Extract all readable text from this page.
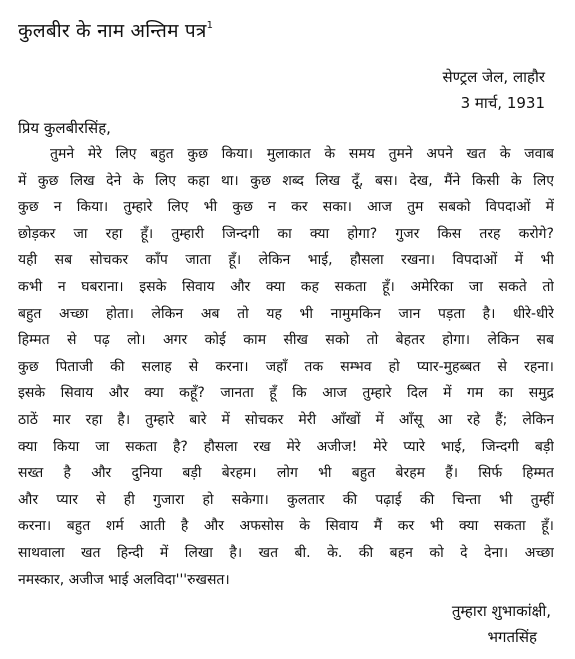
कुलबीर के नाम अन्तिम पत्र$^1$
सेण्ट्रल जेल, लाहौर
3 मार्च, 1931
प्रिय कुलबीरसिंह,
तुमने मेरे लिए बहुत कुछ किया। मुलाकात के समय तुमने अपने खत के जवाब
में कुछ लिख देने के लिए कहा था। कुछ शब्द लिख दूँ, बस। देख, मैंने किसी के लिए
कुछ न किया। तुम्हारे लिए भी कुछ न कर सका। आज तुम सबको विपदाओं में
छोड़कर जा रहा हूँ। तुम्हारी जिन्दगी का क्या होगा? गुजर किस तरह करोगे?
यही सब सोचकर काँप जाता हूँ। लेकिन भाई, हौसला रखना। विपदाओं में भी
कभी न घबराना। इसके सिवाय और क्या कह सकता हूँ। अमेरिका जा सकते तो
बहुत अच्छा होता। लेकिन अब तो यह भी नामुमकिन जान पड़ता है। धीरे-धीरे
हिम्मत से पढ़ लो। अगर कोई काम सीख सको तो बेहतर होगा। लेकिन सब
कुछ पिताजी की सलाह से करना। जहाँ तक सम्भव हो प्यार-मुहब्बत से रहना।
इसके सिवाय और क्या कहूँ? जानता हूँ कि आज तुम्हारे दिल में गम का समुद्र
ठाठें मार रहा है। तुम्हारे बारे में सोचकर मेरी आँखों में आँसू आ रहे हैं; लेकिन
क्या किया जा सकता है? हौसला रख मेरे अजीज! मेरे प्यारे भाई, जिन्दगी बड़ी
सख्त है और दुनिया बड़ी बेरहम। लोग भी बहुत बेरहम हैं। सिर्फ हिम्मत
और प्यार से ही गुजारा हो सकेगा। कुलतार की पढ़ाई की चिन्ता भी तुम्हीं
करना। बहुत शर्म आती है और अफसोस के सिवाय मैं कर भी क्या सकता हूँ।
साथवाला खत हिन्दी में लिखा है। खत बी. के. की बहन को दे देना। अच्छा
नमस्कार, अजीज भाई अलविदा'''रुखसत।
तुम्हारा शुभाकांक्षी,
भगतसिंह
